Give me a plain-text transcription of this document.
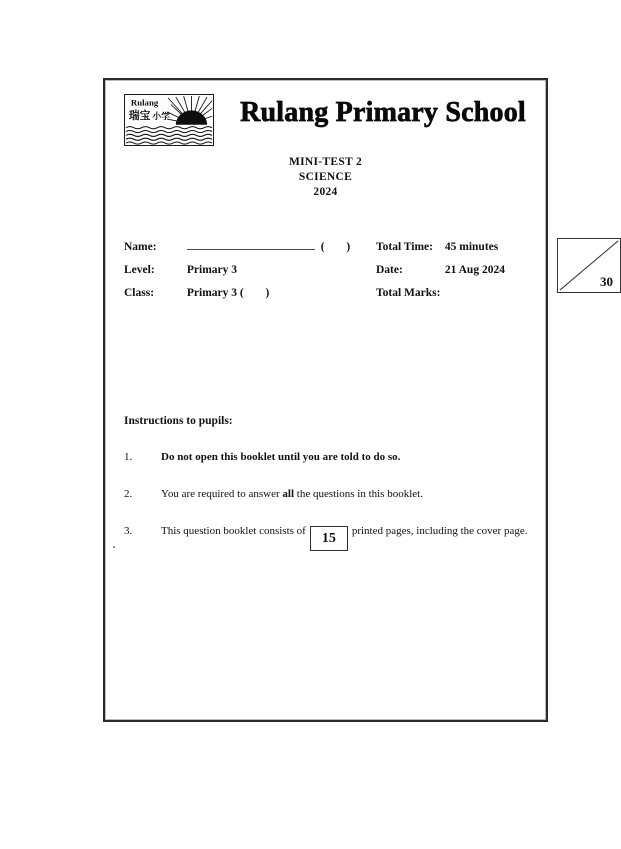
Rulang
瑞宝 小学	Rulang Primary School
MINI-TEST 2
SCIENCE
2024
Name:	( )
Level:	Primary 3
Class:	Primary 3 ( )
Total Time: 45 minutes
Date:	21 Aug 2024
Total Marks:
30
Instructions to pupils:
1.	Do not open this booklet until you are told to do so.
2.	You are required to answer all the questions in this booklet.
3.	This question booklet consists of 15 printed pages, including the cover page.
